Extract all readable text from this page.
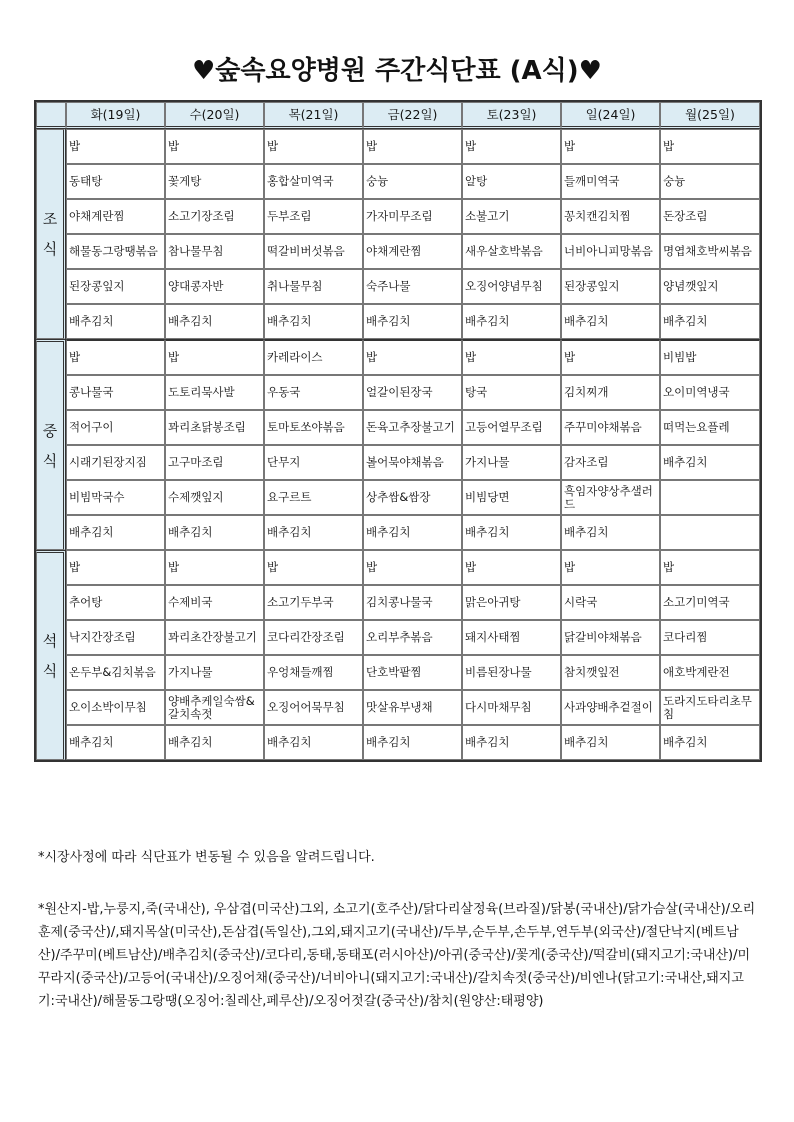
♥숲속요양병원 주간식단표 (A식)♥
	화(19일)	수(20일)	목(21일)	금(22일)	토(23일)	일(24일)	월(25일)

조 식	밥	밥	밥	밥	밥	밥	밥
	동태탕	꽃게탕	홍합살미역국	숭늉	알탕	들깨미역국	숭늉
	야채계란찜	소고기장조림	두부조림	가자미무조림	소불고기	꽁치캔김치찜	돈장조림
	해물동그랑땡볶음	참나물무침	떡갈비버섯볶음	야채계란찜	새우살호박볶음	너비아니피망볶음	명엽채호박씨볶음
	된장콩잎지	양대콩자반	취나물무침	숙주나물	오징어양념무침	된장콩잎지	양념깻잎지
	배추김치	배추김치	배추김치	배추김치	배추김치	배추김치	배추김치

중 식	밥	밥	카레라이스	밥	밥	밥	비빔밥
	콩나물국	도토리묵사발	우동국	얼갈이된장국	탕국	김치찌개	오이미역냉국
	적어구이	꽈리초닭봉조림	토마토쏘야볶음	돈육고추장불고기	고등어열무조림	주꾸미야채볶음	떠먹는요플레
	시래기된장지짐	고구마조림	단무지	볼어묵야채볶음	가지나물	감자조림	배추김치
	비빔막국수	수제깻잎지	요구르트	상추쌈&쌈장	비빔당면	흑임자양상추샐러드	
	배추김치	배추김치	배추김치	배추김치	배추김치	배추김치	

석 식	밥	밥	밥	밥	밥	밥	밥
	추어탕	수제비국	소고기두부국	김치콩나물국	맑은아귀탕	시락국	소고기미역국
	낙지간장조림	꽈리초간장불고기	코다리간장조림	오리부추볶음	돼지사태찜	닭갈비야채볶음	코다리찜
	온두부&김치볶음	가지나물	우엉채들깨찜	단호박팥찜	비름된장나물	참치깻잎전	애호박계란전
	오이소박이무침	양배추케일숙쌈&갈치속젓	오징어어묵무침	맛살유부냉채	다시마채무침	사과양배추겉절이	도라지도타리초무침
	배추김치	배추김치	배추김치	배추김치	배추김치	배추김치	배추김치
*시장사정에 따라 식단표가 변동될 수 있음을 알려드립니다.
*원산지-밥,누룽지,죽(국내산), 우삼겹(미국산)그외, 소고기(호주산)/닭다리살정육(브라질)/닭봉(국내산)/닭가슴살(국내산)/오리훈제(중국산)/,돼지목살(미국산),돈삼겹(독일산),그외,돼지고기(국내산)/두부,순두부,손두부,연두부(외국산)/절단낙지(베트남산)/주꾸미(베트남산)/배추김치(중국산)/코다리,동태,동태포(러시아산)/아귀(중국산)/꽃게(중국산)/떡갈비(돼지고기:국내산)/미꾸라지(중국산)/고등어(국내산)/오징어채(중국산)/너비아니(돼지고기:국내산)/갈치속젓(중국산)/비엔나(닭고기:국내산,돼지고기:국내산)/해물동그랑땡(오징어:칠레산,페루산)/오징어젓갈(중국산)/참치(원양산:태평양)
